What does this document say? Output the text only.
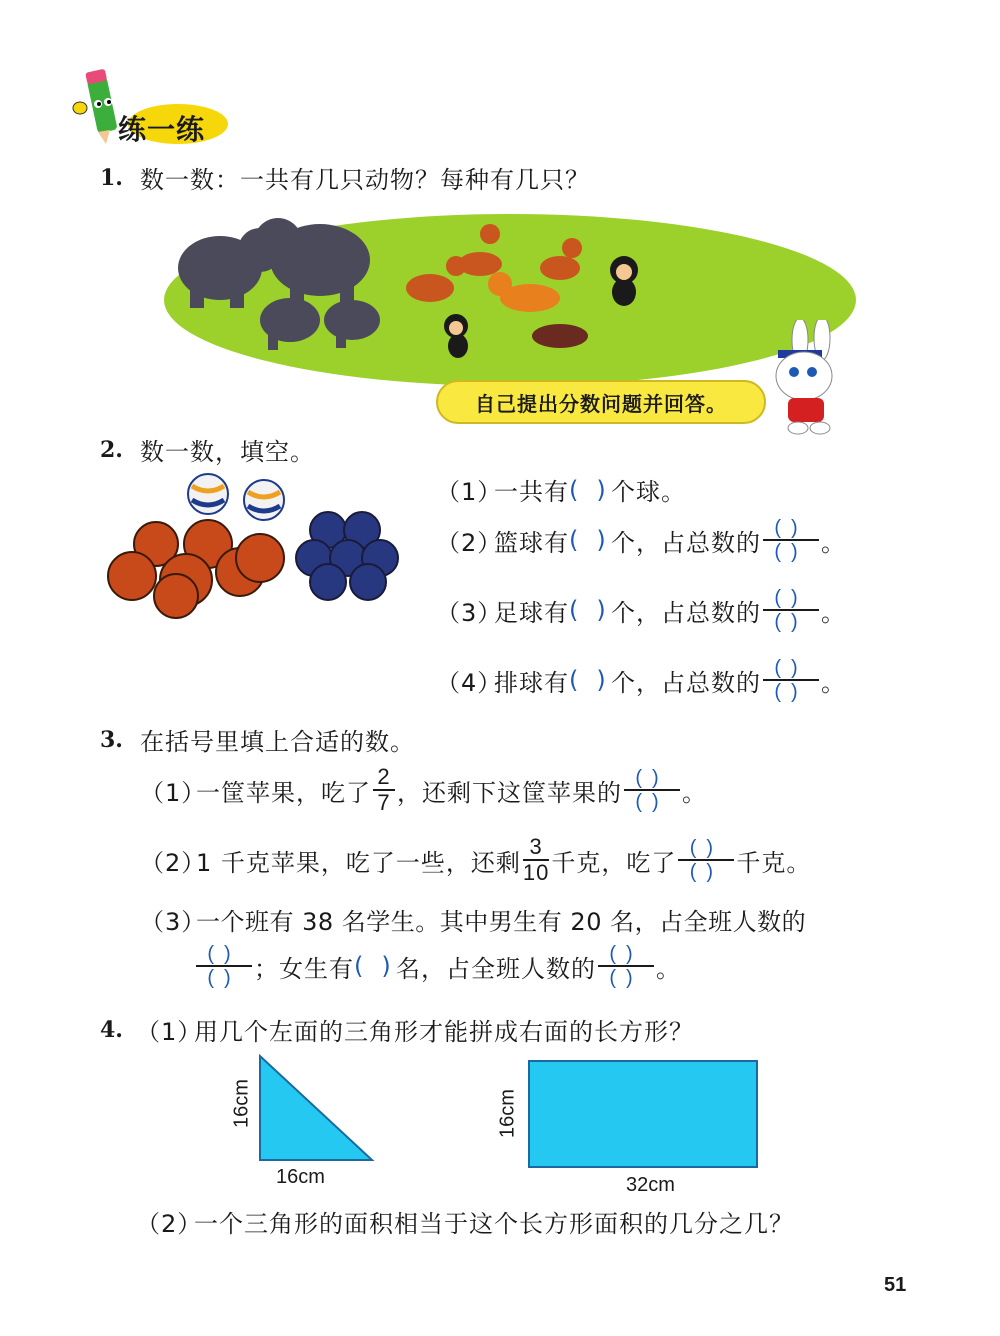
练一练
1. 数一数：一共有几只动物？每种有几只？
自己提出分数问题并回答。
2. 数一数，填空。
（1）
一共有 ()
个球。
（2）
篮球有 ()
个，占总数的 $\frac{()}{()}$ 。
（3）
足球有 ()
个，占总数的 $\frac{()}{()}$ 。
（4）
排球有 ()
个，占总数的 $\frac{()}{()}$ 。
3. 在括号里填上合适的数。
（1）
一筐苹果，吃了 $\frac{2}{7}$ ，还剩下这筐苹果的 $\frac{()}{()}$ 。
（2）
1 千克苹果，吃了一些，还剩 $\frac{3}{10}$ 千克，吃了 $\frac{()}{()}$ 千克。
（3）
一个班有 38 名学生。其中男生有 20 名，占全班人数的
$\frac{()}{()}$ ；女生有 ()
名，占全班人数的 $\frac{()}{()}$ 。
4. （1）
用几个左面的三角形才能拼成右面的长方形？
16cm
16cm
16cm
32cm
（2）
一个三角形的面积相当于这个长方形面积的几分之几？
51
